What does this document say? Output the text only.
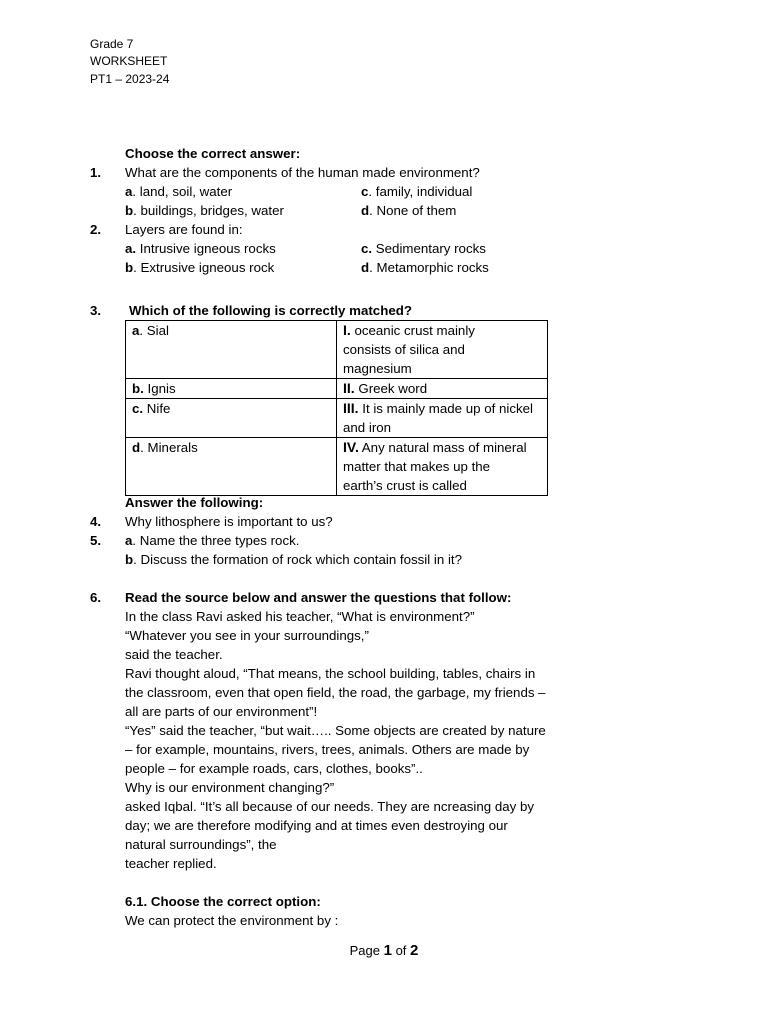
Grade 7
WORKSHEET
PT1 – 2023-24
Choose the correct answer:
1. What are the components of the human made environment?
a. land, soil, water	c. family, individual
b. buildings, bridges, water	d. None of them
2. Layers are found in:
a. Intrusive igneous rocks	c. Sedimentary rocks
b. Extrusive igneous rock	d. Metamorphic rocks
3. Which of the following is correctly matched?
a. Sial	I. oceanic crust mainly
consists of silica and
magnesium

b. Ignis	II. Greek word

c. Nife	III. It is mainly made up of nickel
and iron

d. Minerals	IV. Any natural mass of mineral
matter that makes up the
earth’s crust is called
Answer the following:
4. Why lithosphere is important to us?
5. a. Name the three types rock.
b. Discuss the formation of rock which contain fossil in it?
6. Read the source below and answer the questions that follow:
In the class Ravi asked his teacher, “What is environment?”
“Whatever you see in your surroundings,”
said the teacher.
Ravi thought aloud, “That means, the school building, tables, chairs in
the classroom, even that open field, the road, the garbage, my friends –
all are parts of our environment”!
“Yes” said the teacher, “but wait….. Some objects are created by nature
– for example, mountains, rivers, trees, animals. Others are made by
people – for example roads, cars, clothes, books”..
Why is our environment changing?”
asked Iqbal. “It’s all because of our needs. They are ncreasing day by
day; we are therefore modifying and at times even destroying our
natural surroundings”, the
teacher replied.
6.1. Choose the correct option:
We can protect the environment by :
Page 1 of 2
